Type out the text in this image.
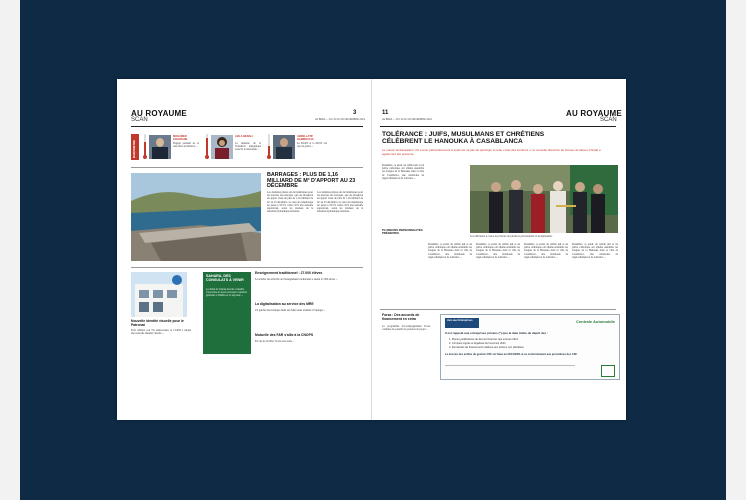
AU ROYAUME
SCAN
3
LE BREF — DU 20 AU 26 DECEMBRE 2021
BAROMETRE
MOHAMED FAKHRANE
Engagé pendant de la rencontre au ministre ...
LEILA BENALI
La ministre de la Transition énergétique souscrit le lancement ...
ABDELLATIF HAMMOUCHI
Le DGSN et la DGST ont reçu le grand ...
BARRAGES : PLUS DE 1,16 MILLIARD DE M³ D'APPORT AU 23 DÉCEMBRE
Les dernières pluies ont été bénéfiques pour les réserves des barrages, qui ont enregistré un apport d'eau de plus de 1,16 milliard de m³ au 23 décembre. Le taux de remplissage est passé à 33,5% contre 32% une semaine auparavant, selon les données de la situation hydraulique nationale.
Les dernières pluies ont été bénéfiques pour les réserves des barrages, qui ont enregistré un apport d'eau de plus de 1,16 milliard de m³ au 23 décembre. Le taux de remplissage est passé à 33,5% contre 32% une semaine auparavant, selon les données de la situation hydraulique nationale.
SAHARA, DES CONSULATS À VENIR
Le début de l'année devrait connaître l'ouverture de deux nouveaux consulats généraux à Dakhla et à Laâyoune ...
Nouvelle identité visuelle pour le Patronat
Pour célébrer son 75e anniversaire, la CGEM a adopté une nouvelle identité visuelle ...
Enseignement traditionnel : 27.000 élèves
Le nombre des effectifs de l'enseignement traditionnel a atteint 27.000 élèves ...
La digitalisation au service des MRE
Un guichet électronique dédié aux Marocains résidant à l'étranger ...
Mutuelle des FAR s'allie à la CNOPS
En vue de faciliter l'accès aux soins ...
11
LE BREF — DU 20 AU 26 DECEMBRE 2021
AU ROYAUME
SCAN
TOLÉRANCE : JUIFS, MUSULMANS ET CHRÉTIENS CÉLÈBRENT LE HANOUKA À CASABLANCA
Le nouvel ambassadeur US a tenu particulièrement à exprimer sa joie de participer à cette « fête des lumières » La nouvelle directrice du bureau de liaison d'Israël a également été présente.
Ensemble, ce jeudi, un rabbin juif et un prêtre catholique ont allumé ensemble les bougies de la Hanouka dans la ville de Casablanca, une cérémonie de rapprochement et de tolérance ...
PLUSIEURS PERSONNALITÉS PRÉSENTES
La célébration a connu la présence de plusieurs personnalités et de diplomates.
Ensemble, ce jeudi, un rabbin juif et un prêtre catholique ont allumé ensemble les bougies de la Hanouka dans la ville de Casablanca, une cérémonie de rapprochement et de tolérance ...
Ensemble, ce jeudi, un rabbin juif et un prêtre catholique ont allumé ensemble les bougies de la Hanouka dans la ville de Casablanca, une cérémonie de rapprochement et de tolérance ...
Ensemble, ce jeudi, un rabbin juif et un prêtre catholique ont allumé ensemble les bougies de la Hanouka dans la ville de Casablanca, une cérémonie de rapprochement et de tolérance ...
Ensemble, ce jeudi, un rabbin juif et un prêtre catholique ont allumé ensemble les bougies de la Hanouka dans la ville de Casablanca, une cérémonie de rapprochement et de tolérance ...
Forsa : Des accords de financement en extra
Le programme d'accompagnement Forsa continue de soutenir les porteurs de projet ...
Avis aux Entreprises	Centrale Automobile
Il est rappelé aux entreprises privées (*) que la date limite de dépôt des :
1. Pièces justificatives de dernier financier des entrées 2021,
2. Comptes signés et légalisés de l'exercice 2021
3. Demandes de financement relatives aux actions non planifiées
Le dossier des entités de gestion CSF est fixée au 31/12/2021 et en conformément aux procédures des CSF
